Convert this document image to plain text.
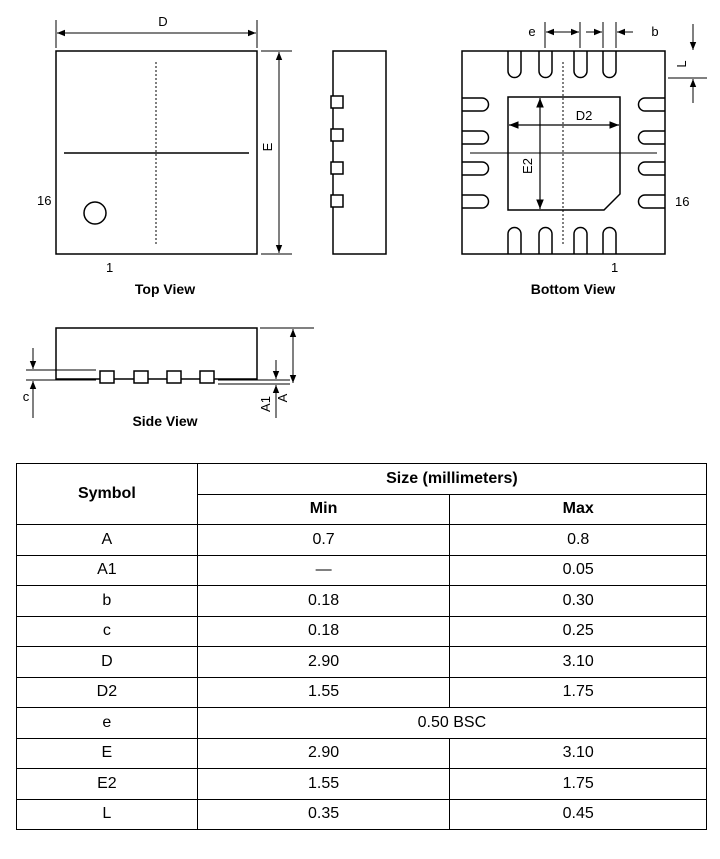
D
E
16
1
Top View
D2
E2
e	b
L
16
1
Bottom View
c	A1 A
Side View
Symbol	Size (millimeters)	
	Min	Max
A	0.7	0.8
A1	—	0.05
b	0.18	0.30
c	0.18	0.25
D	2.90	3.10
D2	1.55	1.75
e	0.50 BSC	
E	2.90	3.10
E2	1.55	1.75
L	0.35	0.45
